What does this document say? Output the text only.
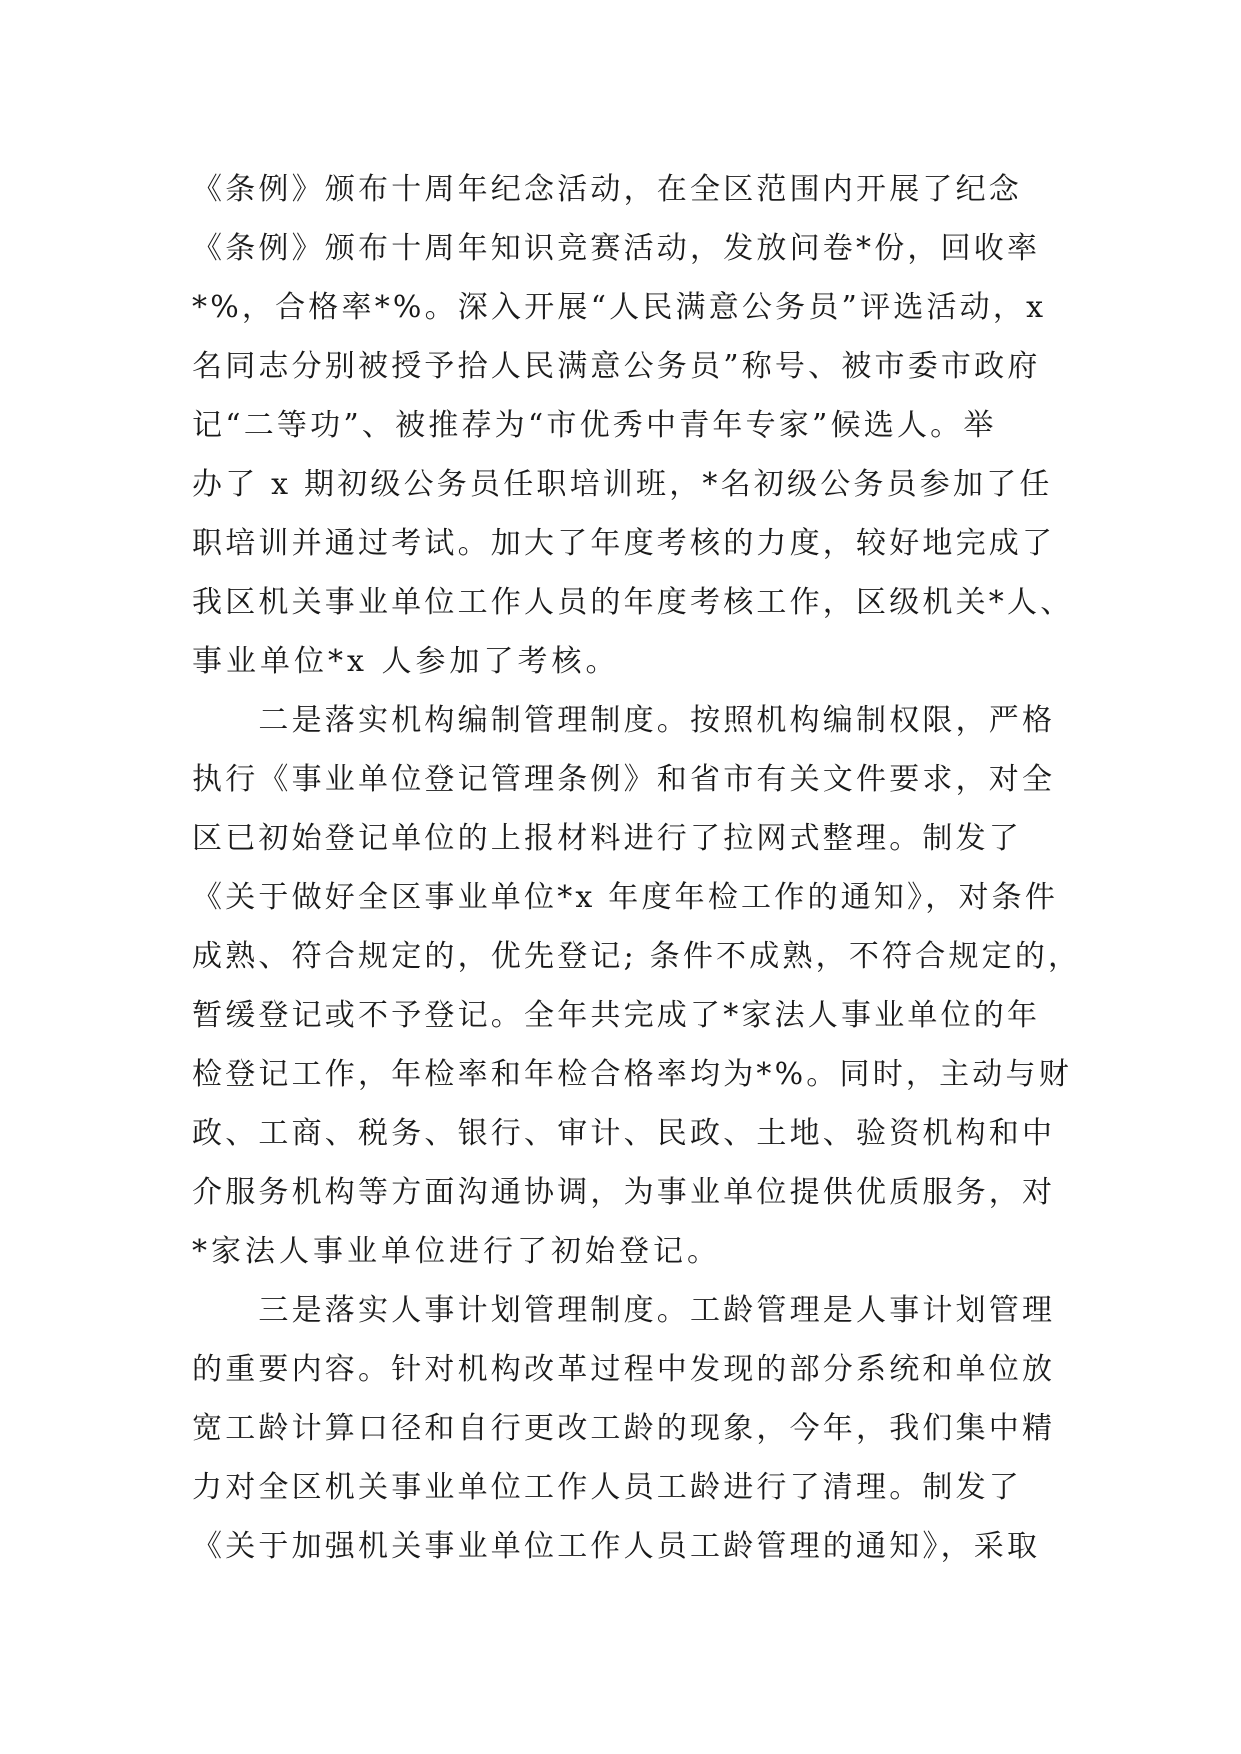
《条例》颁布十周年纪念活动，在全区范围内开展了纪念
《条例》颁布十周年知识竞赛活动，发放问卷*份，回收率
*%，合格率*%。深入开展“人民满意公务员”评选活动，x
名同志分别被授予拾人民满意公务员”称号、被市委市政府
记“二等功”、被推荐为“市优秀中青年专家”候选人。举
办了 x 期初级公务员任职培训班，*名初级公务员参加了任
职培训并通过考试。加大了年度考核的力度，较好地完成了
我区机关事业单位工作人员的年度考核工作，区级机关*人、
事业单位*x 人参加了考核。
　　二是落实机构编制管理制度。按照机构编制权限，严格
执行《事业单位登记管理条例》和省市有关文件要求，对全
区已初始登记单位的上报材料进行了拉网式整理。制发了
《关于做好全区事业单位*x 年度年检工作的通知》，对条件
成熟、符合规定的，优先登记; 条件不成熟，不符合规定的，
暂缓登记或不予登记。全年共完成了*家法人事业单位的年
检登记工作，年检率和年检合格率均为*%。同时，主动与财
政、工商、税务、银行、审计、民政、土地、验资机构和中
介服务机构等方面沟通协调，为事业单位提供优质服务，对
*家法人事业单位进行了初始登记。
　　三是落实人事计划管理制度。工龄管理是人事计划管理
的重要内容。针对机构改革过程中发现的部分系统和单位放
宽工龄计算口径和自行更改工龄的现象，今年，我们集中精
力对全区机关事业单位工作人员工龄进行了清理。制发了
《关于加强机关事业单位工作人员工龄管理的通知》，采取
